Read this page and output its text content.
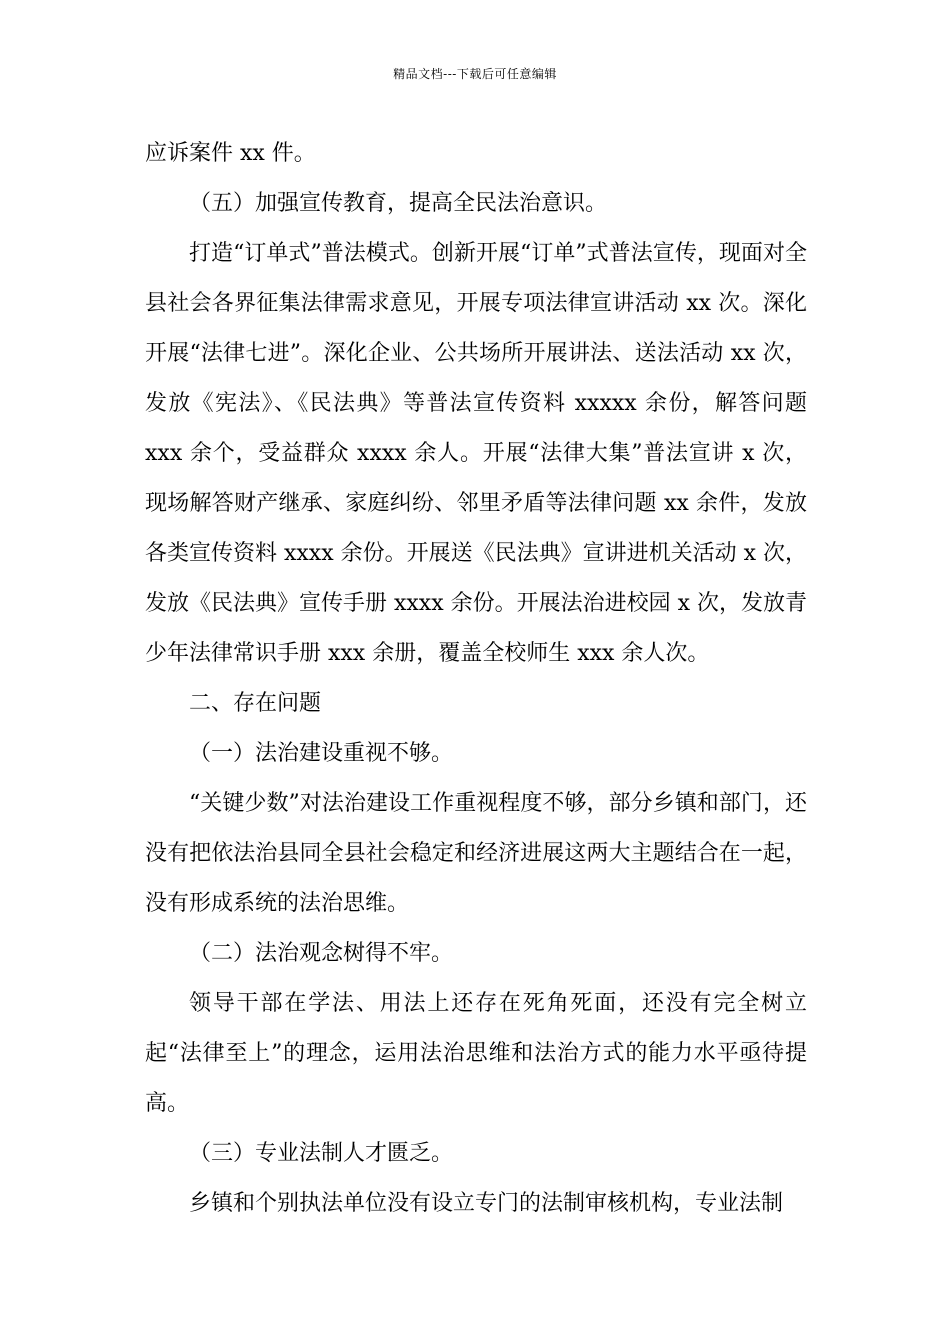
精品文档---下载后可任意编辑

应诉案件 xx 件。

（五）加强宣传教育，提高全民法治意识。

打造“订单式”普法模式。创新开展“订单”式普法宣传，现面对全县社会各界征集法律需求意见，开展专项法律宣讲活动 xx 次。深化开展“法律七进”。深化企业、公共场所开展讲法、送法活动 xx 次，发放《宪法》、《民法典》等普法宣传资料 xxxxx 余份，解答问题 xxx 余个，受益群众 xxxx 余人。开展“法律大集”普法宣讲 x 次，现场解答财产继承、家庭纠纷、邻里矛盾等法律问题 xx 余件，发放各类宣传资料 xxxx 余份。开展送《民法典》宣讲进机关活动 x 次，发放《民法典》宣传手册 xxxx 余份。开展法治进校园 x 次，发放青少年法律常识手册 xxx 余册，覆盖全校师生 xxx 余人次。

二、存在问题

（一）法治建设重视不够。

“关键少数”对法治建设工作重视程度不够，部分乡镇和部门，还没有把依法治县同全县社会稳定和经济进展这两大主题结合在一起，没有形成系统的法治思维。

（二）法治观念树得不牢。

领导干部在学法、用法上还存在死角死面，还没有完全树立起“法律至上”的理念，运用法治思维和法治方式的能力水平亟待提高。

（三）专业法制人才匮乏。

乡镇和个别执法单位没有设立专门的法制审核机构，专业法制
